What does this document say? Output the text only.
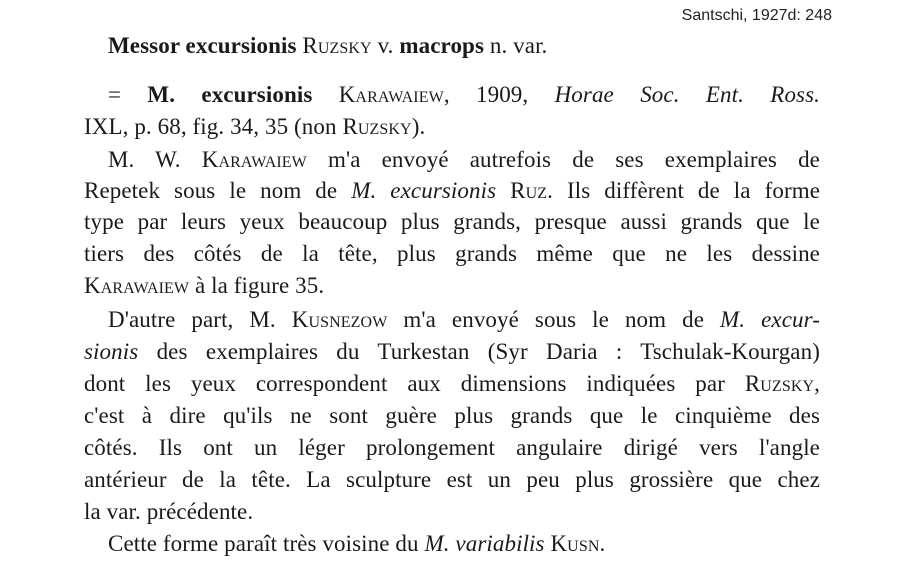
Santschi, 1927d: 248
Messor excursionis Ruzsky v. macrops n. var.
= M. excursionis Karawaiew, 1909, Horae Soc. Ent. Ross.
IXL, p. 68, fig. 34, 35 (non Ruzsky).
M. W. Karawaiew m'a envoyé autrefois de ses exemplaires de
Repetek sous le nom de M. excursionis Ruz. Ils diffèrent de la forme
type par leurs yeux beaucoup plus grands, presque aussi grands que le
tiers des côtés de la tête, plus grands même que ne les dessine
Karawaiew à la figure 35.
D'autre part, M. Kusnezow m'a envoyé sous le nom de M. excur-
sionis des exemplaires du Turkestan (Syr Daria : Tschulak-Kourgan)
dont les yeux correspondent aux dimensions indiquées par Ruzsky,
c'est à dire qu'ils ne sont guère plus grands que le cinquième des
côtés. Ils ont un léger prolongement angulaire dirigé vers l'angle
antérieur de la tête. La sculpture est un peu plus grossière que chez
la var. précédente.
Cette forme paraît très voisine du M. variabilis Kusn.
